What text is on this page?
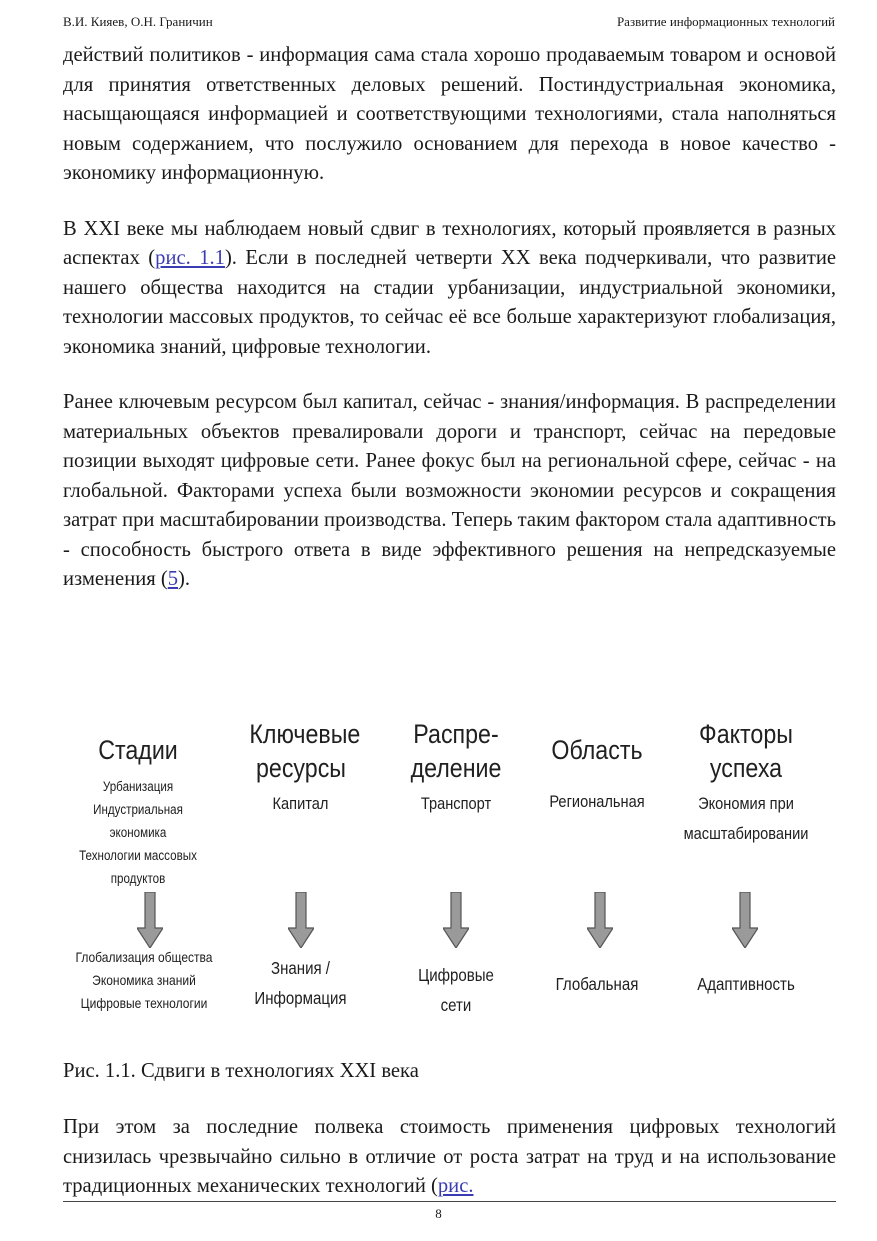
В.И. Кияев, О.Н. Граничин	Развитие информационных технологий

действий политиков - информация сама стала хорошо продаваемым товаром и основой для принятия ответственных деловых решений. Постиндустриальная экономика, насыщающаяся информацией и соответствующими технологиями, стала наполняться новым содержанием, что послужило основанием для перехода в новое качество - экономику информационную.

В XXI веке мы наблюдаем новый сдвиг в технологиях, который проявляется в разных аспектах (рис. 1.1). Если в последней четверти XX века подчеркивали, что развитие нашего общества находится на стадии урбанизации, индустриальной экономики, технологии массовых продуктов, то сейчас её все больше характеризуют глобализация, экономика знаний, цифровые технологии.

Ранее ключевым ресурсом был капитал, сейчас - знания/информация. В распределении материальных объектов превалировали дороги и транспорт, сейчас на передовые позиции выходят цифровые сети. Ранее фокус был на региональной сфере, сейчас - на глобальной. Факторами успеха были возможности экономии ресурсов и сокращения затрат при масштабировании производства. Теперь таким фактором стала адаптивность - способность быстрого ответа в виде эффективного решения на непредсказуемые изменения (5).

Стадии
Урбанизация
Индустриальная
экономика
Технологии массовых
продуктов
Глобализация общества
Экономика знаний
Цифровые технологии
Ключевые ресурсы
Капитал
Знания /
Информация
Распре-деление
Транспорт
Цифровые
сети
Область
Региональная
Глобальная
Факторы успеха
Экономия при
масштабировании
Адаптивность
Рис. 1.1. Сдвиги в технологиях XXI века
При этом за последние полвека стоимость применения цифровых технологий снизилась чрезвычайно сильно в отличие от роста затрат на труд и на использование традиционных механических технологий (рис.
8
